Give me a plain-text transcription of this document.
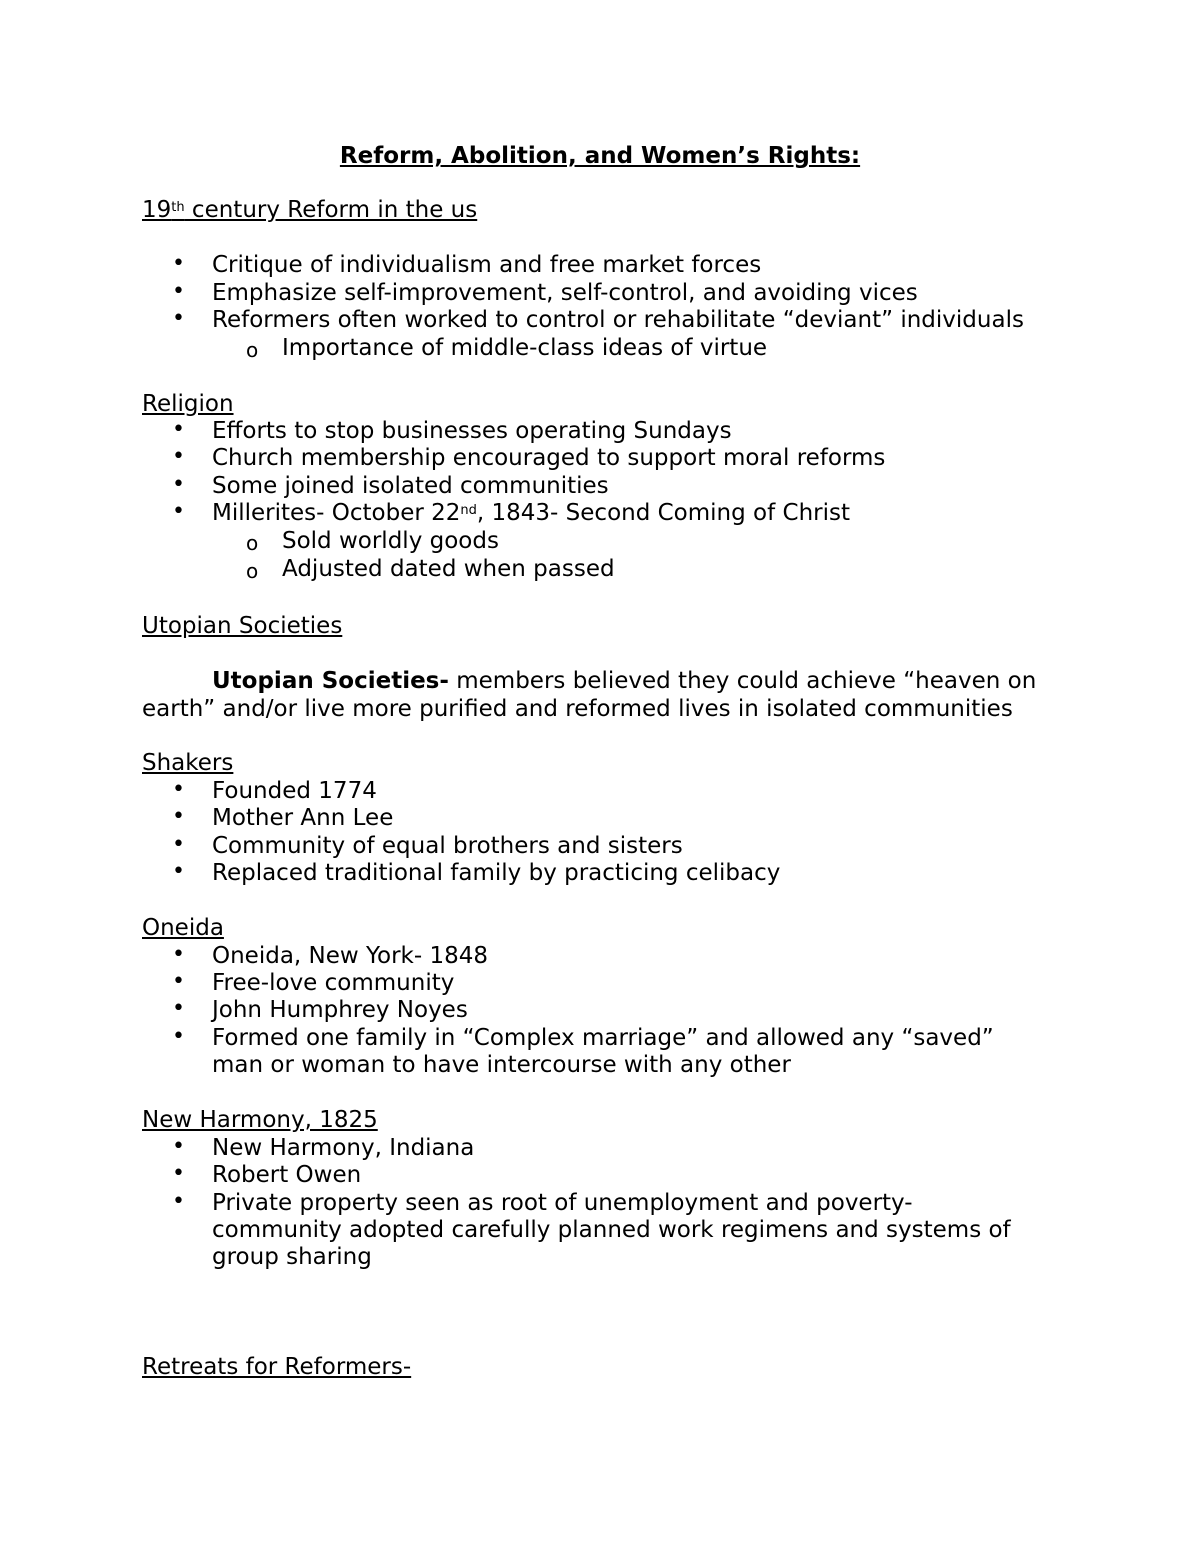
Reform, Abolition, and Women’s Rights:
19th century Reform in the us
• Critique of individualism and free market forces
• Emphasize self-improvement, self-control, and avoiding vices
• Reformers often worked to control or rehabilitate “deviant” individuals
o Importance of middle-class ideas of virtue
Religion
• Efforts to stop businesses operating Sundays
• Church membership encouraged to support moral reforms
• Some joined isolated communities
• Millerites- October 22nd, 1843- Second Coming of Christ
o Sold worldly goods
o Adjusted dated when passed
Utopian Societies
Utopian Societies- members believed they could achieve “heaven on
earth” and/or live more purified and reformed lives in isolated communities
Shakers
• Founded 1774
• Mother Ann Lee
• Community of equal brothers and sisters
• Replaced traditional family by practicing celibacy
Oneida
• Oneida, New York- 1848
• Free-love community
• John Humphrey Noyes
• Formed one family in “Complex marriage” and allowed any “saved”
man or woman to have intercourse with any other
New Harmony, 1825
• New Harmony, Indiana
• Robert Owen
• Private property seen as root of unemployment and poverty-
community adopted carefully planned work regimens and systems of
group sharing
Retreats for Reformers-
